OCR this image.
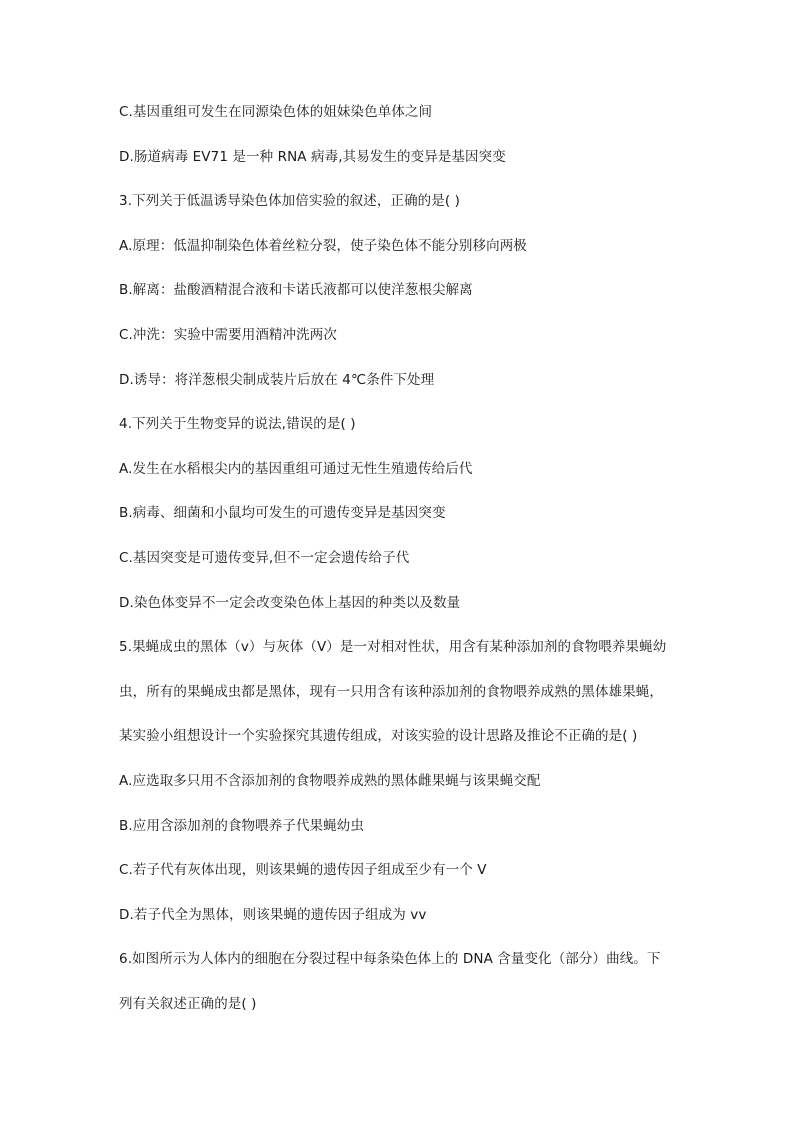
C.基因重组可发生在同源染色体的姐妹染色单体之间
D.肠道病毒 EV71 是一种 RNA 病毒,其易发生的变异是基因突变
3.下列关于低温诱导染色体加倍实验的叙述，正确的是( )
A.原理：低温抑制染色体着丝粒分裂，使子染色体不能分别移向两极
B.解离：盐酸酒精混合液和卡诺氏液都可以使洋葱根尖解离
C.冲洗：实验中需要用酒精冲洗两次
D.诱导：将洋葱根尖制成装片后放在 4℃条件下处理
4.下列关于生物变异的说法,错误的是( )
A.发生在水稻根尖内的基因重组可通过无性生殖遗传给后代
B.病毒、细菌和小鼠均可发生的可遗传变异是基因突变
C.基因突变是可遗传变异,但不一定会遗传给子代
D.染色体变异不一定会改变染色体上基因的种类以及数量
5.果蝇成虫的黑体（v）与灰体（V）是一对相对性状，用含有某种添加剂的食物喂养果蝇幼
虫，所有的果蝇成虫都是黑体，现有一只用含有该种添加剂的食物喂养成熟的黑体雄果蝇，
某实验小组想设计一个实验探究其遗传组成，对该实验的设计思路及推论不正确的是( )
A.应选取多只用不含添加剂的食物喂养成熟的黑体雌果蝇与该果蝇交配
B.应用含添加剂的食物喂养子代果蝇幼虫
C.若子代有灰体出现，则该果蝇的遗传因子组成至少有一个 V
D.若子代全为黑体，则该果蝇的遗传因子组成为 vv
6.如图所示为人体内的细胞在分裂过程中每条染色体上的 DNA 含量变化（部分）曲线。下
列有关叙述正确的是( )
